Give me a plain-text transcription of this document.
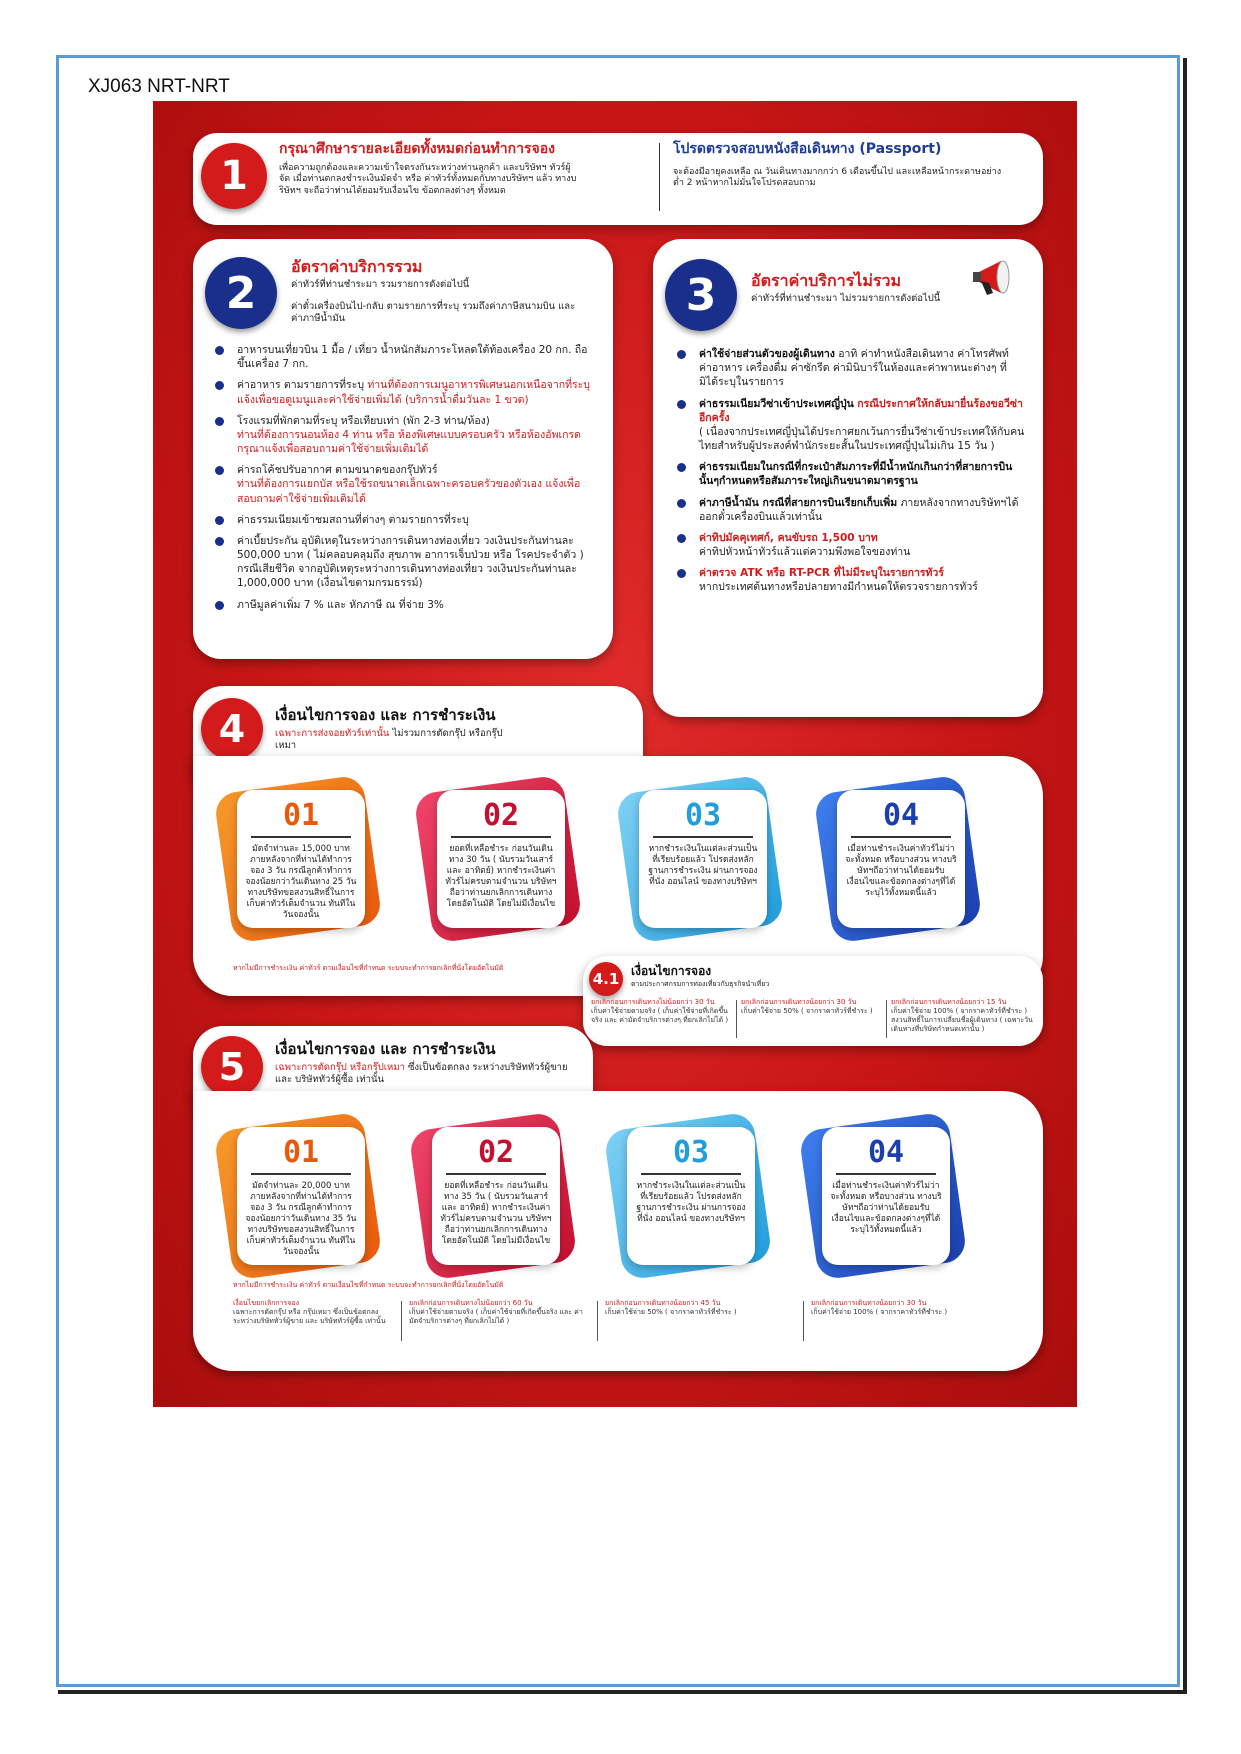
XJ063 NRT-NRT
1
กรุณาศึกษารายละเอียดทั้งหมดก่อนทำการจอง
เพื่อความถูกต้องและความเข้าใจตรงกันระหว่างท่านลูกค้า และบริษัทฯ ทัวร์ผู้จัด เมื่อท่านตกลงชำระเงินมัดจำ หรือ ค่าทัวร์ทั้งหมดกับทางบริษัทฯ แล้ว ทางบริษัทฯ จะถือว่าท่านได้ยอมรับเงื่อนไข ข้อตกลงต่างๆ ทั้งหมด
โปรดตรวจสอบหนังสือเดินทาง (Passport)
จะต้องมีอายุคงเหลือ ณ วันเดินทางมากกว่า 6 เดือนขึ้นไป และเหลือหน้ากระดาษอย่างต่ำ 2 หน้าหากไม่มั่นใจโปรดสอบถาม
2
อัตราค่าบริการรวม
ค่าทัวร์ที่ท่านชำระมา รวมรายการดังต่อไปนี้
ค่าตั๋วเครื่องบินไป-กลับ ตามรายการที่ระบุ รวมถึงค่าภาษีสนามบิน และค่าภาษีน้ำมัน
อาหารบนเที่ยวบิน 1 มื้อ / เที่ยว น้ำหนักสัมภาระโหลดใต้ท้องเครื่อง 20 กก. ถือขึ้นเครื่อง 7 กก.
ค่าอาหาร ตามรายการที่ระบุ ท่านที่ต้องการเมนูอาหารพิเศษนอกเหนือจากที่ระบุ แจ้งเพื่อขอดูเมนูและค่าใช้จ่ายเพิ่มได้ (บริการน้ำดื่มวันละ 1 ขวด)
โรงแรมที่พักตามที่ระบุ หรือเทียบเท่า (พัก 2-3 ท่าน/ห้อง)
ท่านที่ต้องการนอนห้อง 4 ท่าน หรือ ห้องพิเศษแบบครอบครัว หรือห้องอัพเกรด กรุณาแจ้งเพื่อสอบถามค่าใช้จ่ายเพิ่มเติมได้
ค่ารถโค้ชปรับอากาศ ตามขนาดของกรุ๊ปทัวร์
ท่านที่ต้องการแยกบัส หรือใช้รถขนาดเล็กเฉพาะครอบครัวของตัวเอง แจ้งเพื่อสอบถามค่าใช้จ่ายเพิ่มเติมได้
ค่าธรรมเนียมเข้าชมสถานที่ต่างๆ ตามรายการที่ระบุ
ค่าเบี้ยประกัน อุบัติเหตุในระหว่างการเดินทางท่องเที่ยว วงเงินประกันท่านละ 500,000 บาท ( ไม่คลอบคลุมถึง สุขภาพ อาการเจ็บป่วย หรือ โรคประจำตัว ) กรณีเสียชีวิต จากอุบัติเหตุระหว่างการเดินทางท่องเที่ยว วงเงินประกันท่านละ 1,000,000 บาท (เงื่อนไขตามกรมธรรม์)
ภาษีมูลค่าเพิ่ม 7 % และ หักภาษี ณ ที่จ่าย 3%
3	อัตราค่าบริการไม่รวม
ค่าทัวร์ที่ท่านชำระมา ไม่รวมรายการดังต่อไปนี้
ค่าใช้จ่ายส่วนตัวของผู้เดินทาง อาทิ ค่าทำหนังสือเดินทาง ค่าโทรศัพท์ ค่าอาหาร เครื่องดื่ม ค่าซักรีด ค่ามินิบาร์ในห้องและค่าพาหนะต่างๆ ที่มิได้ระบุในรายการ
ค่าธรรมเนียมวีซ่าเข้าประเทศญี่ปุ่น กรณีประกาศให้กลับมายื่นร้องขอวีซ่าอีกครั้ง
( เนื่องจากประเทศญี่ปุ่นได้ประกาศยกเว้นการยื่นวีซ่าเข้าประเทศให้กับคนไทยสำหรับผู้ประสงค์พำนักระยะสั้นในประเทศญี่ปุ่นไม่เกิน 15 วัน )
ค่าธรรมเนียมในกรณีที่กระเป๋าสัมภาระที่มีน้ำหนักเกินกว่าที่สายการบินนั้นๆกำหนดหรือสัมภาระใหญ่เกินขนาดมาตรฐาน
ค่าภาษีน้ำมัน กรณีที่สายการบินเรียกเก็บเพิ่ม ภายหลังจากทางบริษัทฯได้ออกตั๋วเครื่องบินแล้วเท่านั้น
ค่าทิปมัคคุเทศก์, คนขับรถ 1,500 บาท
ค่าทิปหัวหน้าทัวร์แล้วแต่ความพึงพอใจของท่าน
ค่าตรวจ ATK หรือ RT-PCR ที่ไม่มีระบุในรายการทัวร์
หากประเทศต้นทางหรือปลายทางมีกำหนดให้ตรวจรายการทัวร์
4	เงื่อนไขการจอง และ การชำระเงิน
เฉพาะการส่งจอยทัวร์เท่านั้น ไม่รวมการตัดกรุ๊ป หรือกรุ๊ปเหมา
01
มัดจำท่านละ 15,000 บาท ภายหลังจากที่ท่านได้ทำการจอง 3 วัน กรณีลูกค้าทำการจองน้อยกว่าวันเดินทาง 25 วัน ทางบริษัทขอสงวนสิทธิ์ในการเก็บค่าทัวร์เต็มจำนวน ทันทีในวันจองนั้น
02
ยอดที่เหลือชำระ ก่อนวันเดินทาง 30 วัน ( นับรวมวันเสาร์ และ อาทิตย์) หากชำระเงินค่าทัวร์ไม่ครบตามจำนวน บริษัทฯถือว่าท่านยกเลิกการเดินทางโดยอัตโนมัติ โดยไม่มีเงื่อนไข
03
หากชำระเงินในแต่ละส่วนเป็นที่เรียบร้อยแล้ว โปรดส่งหลักฐานการชำระเงิน ผ่านการจองที่นั่ง ออนไลน์ ของทางบริษัทฯ
04
เมื่อท่านชำระเงินค่าทัวร์ไม่ว่าจะทั้งหมด หรือบางส่วน ทางบริษัทฯถือว่าท่านได้ยอมรับเงื่อนไขและข้อตกลงต่างๆที่ได้ระบุไว้ทั้งหมดนี้แล้ว
หากไม่มีการชำระเงิน ค่าทัวร์ ตามเงื่อนไขที่กำหนด ระบบจะทำการยกเลิกที่นั่งโดยอัตโนมัติ
4.1 เงื่อนไขการจอง
ตามประกาศกรมการท่องเที่ยวกับธุรกิจนำเที่ยว
ยกเลิกก่อนการเดินทางไม่น้อยกว่า 30 วัน
เก็บค่าใช้จ่ายตามจริง ( เก็บค่าใช้จ่ายที่เกิดขึ้นจริง และ ค่ามัดจำบริการต่างๆ ที่ยกเลิกไม่ได้ )
ยกเลิกก่อนการเดินทางน้อยกว่า 30 วัน
เก็บค่าใช้จ่าย 50% ( จากราคาทัวร์ที่ชำระ )
ยกเลิกก่อนการเดินทางน้อยกว่า 15 วัน
เก็บค่าใช้จ่าย 100% ( จากราคาทัวร์ที่ชำระ ) สงวนสิทธิ์ในการเปลี่ยนชื่อผู้เดินทาง ( เฉพาะวันเดินทางที่บริษัทกำหนดเท่านั้น )
5	เงื่อนไขการจอง และ การชำระเงิน
เฉพาะการตัดกรุ๊ป หรือกรุ๊ปเหมา ซึ่งเป็นข้อตกลง ระหว่างบริษัททัวร์ผู้ขาย และ บริษัททัวร์ผู้ซื้อ เท่านั้น
01
มัดจำท่านละ 20,000 บาท ภายหลังจากที่ท่านได้ทำการจอง 3 วัน กรณีลูกค้าทำการจองน้อยกว่าวันเดินทาง 35 วัน ทางบริษัทขอสงวนสิทธิ์ในการเก็บค่าทัวร์เต็มจำนวน ทันทีในวันจองนั้น
02
ยอดที่เหลือชำระ ก่อนวันเดินทาง 35 วัน ( นับรวมวันเสาร์ และ อาทิตย์) หากชำระเงินค่าทัวร์ไม่ครบตามจำนวน บริษัทฯถือว่าท่านยกเลิกการเดินทางโดยอัตโนมัติ โดยไม่มีเงื่อนไข
03
หากชำระเงินในแต่ละส่วนเป็นที่เรียบร้อยแล้ว โปรดส่งหลักฐานการชำระเงิน ผ่านการจองที่นั่ง ออนไลน์ ของทางบริษัทฯ
04
เมื่อท่านชำระเงินค่าทัวร์ไม่ว่าจะทั้งหมด หรือบางส่วน ทางบริษัทฯถือว่าท่านได้ยอมรับเงื่อนไขและข้อตกลงต่างๆที่ได้ระบุไว้ทั้งหมดนี้แล้ว
หากไม่มีการชำระเงิน ค่าทัวร์ ตามเงื่อนไขที่กำหนด ระบบจะทำการยกเลิกที่นั่งโดยอัตโนมัติ
เงื่อนไขยกเลิกการจอง
เฉพาะการตัดกรุ๊ป หรือ กรุ๊ปเหมา ซึ่งเป็นข้อตกลงระหว่างบริษัททัวร์ผู้ขาย และ บริษัททัวร์ผู้ซื้อ เท่านั้น
ยกเลิกก่อนการเดินทางไม่น้อยกว่า 60 วัน
เก็บค่าใช้จ่ายตามจริง ( เก็บค่าใช้จ่ายที่เกิดขึ้นจริง และ ค่ามัดจำบริการต่างๆ ที่ยกเลิกไม่ได้ )
ยกเลิกก่อนการเดินทางน้อยกว่า 45 วัน
เก็บค่าใช้จ่าย 50% ( จากราคาทัวร์ที่ชำระ )
ยกเลิกก่อนการเดินทางน้อยกว่า 30 วัน
เก็บค่าใช้จ่าย 100% ( จากราคาทัวร์ที่ชำระ )
